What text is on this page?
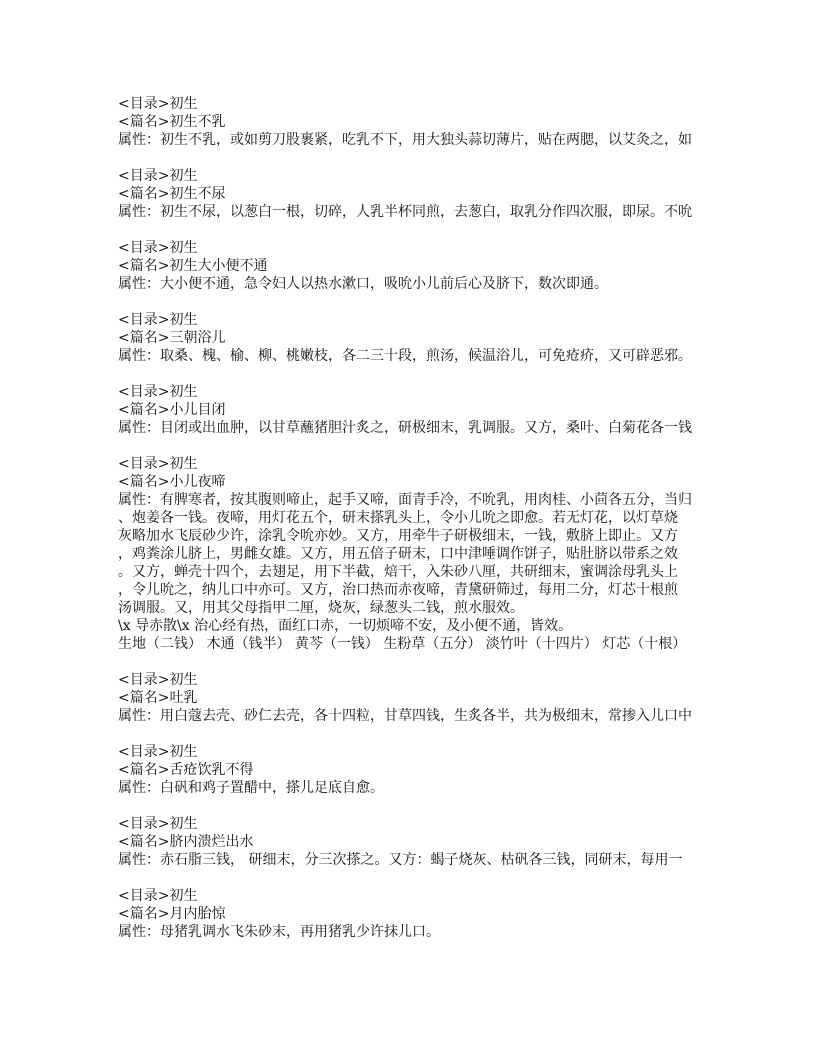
<目录>初生
<篇名>初生不乳
属性：初生不乳，或如剪刀股裹紧，吃乳不下，用大独头蒜切薄片，贴在两腮，以艾灸之，如
<目录>初生
<篇名>初生不尿
属性：初生不尿，以葱白一根，切碎，人乳半杯同煎，去葱白，取乳分作四次服，即尿。不吮
<目录>初生
<篇名>初生大小便不通
属性：大小便不通，急令妇人以热水漱口，吸吮小儿前后心及脐下，数次即通。
<目录>初生
<篇名>三朝浴儿
属性：取桑、槐、榆、柳、桃嫩枝，各二三十段，煎汤，候温浴儿，可免疮疥，又可辟恶邪。
<目录>初生
<篇名>小儿目闭
属性：目闭或出血肿，以甘草蘸猪胆汁炙之，研极细末，乳调服。又方，桑叶、白菊花各一钱
<目录>初生
<篇名>小儿夜啼
属性：有脾寒者，按其腹则啼止，起手又啼，面青手冷，不吮乳，用肉桂、小茴各五分，当归
、炮姜各一钱。夜啼，用灯花五个，研末搽乳头上，令小儿吮之即愈。若无灯花，以灯草烧
灰略加水飞辰砂少许，涂乳令吮亦妙。又方，用牵牛子研极细末，一钱，敷脐上即止。又方
，鸡粪涂儿脐上，男雌女雄。又方，用五倍子研末，口中津唾调作饼子，贴肚脐以带系之效
。又方，蝉壳十四个，去翅足，用下半截，焙干，入朱砂八厘，共研细末，蜜调涂母乳头上
，令儿吮之，纳儿口中亦可。又方，治口热而赤夜啼，青黛研筛过，每用二分，灯芯十根煎
汤调服。又，用其父母指甲二厘，烧灰，绿葱头二钱，煎水服效。
\x 导赤散\x 治心经有热，面红口赤，一切烦啼不安，及小便不通，皆效。
生地（二钱） 木通（钱半） 黄芩（一钱） 生粉草（五分） 淡竹叶（十四片） 灯芯（十根）
<目录>初生
<篇名>吐乳
属性：用白蔻去壳、砂仁去壳，各十四粒，甘草四钱，生炙各半，共为极细末，常掺入儿口中
<目录>初生
<篇名>舌疮饮乳不得
属性：白矾和鸡子置醋中，搽儿足底自愈。
<目录>初生
<篇名>脐内溃烂出水
属性：赤石脂三钱， 研细末，分三次搽之。又方：蝎子烧灰、枯矾各三钱，同研末，每用一
<目录>初生
<篇名>月内胎惊
属性：母猪乳调水飞朱砂末，再用猪乳少许抹儿口。
